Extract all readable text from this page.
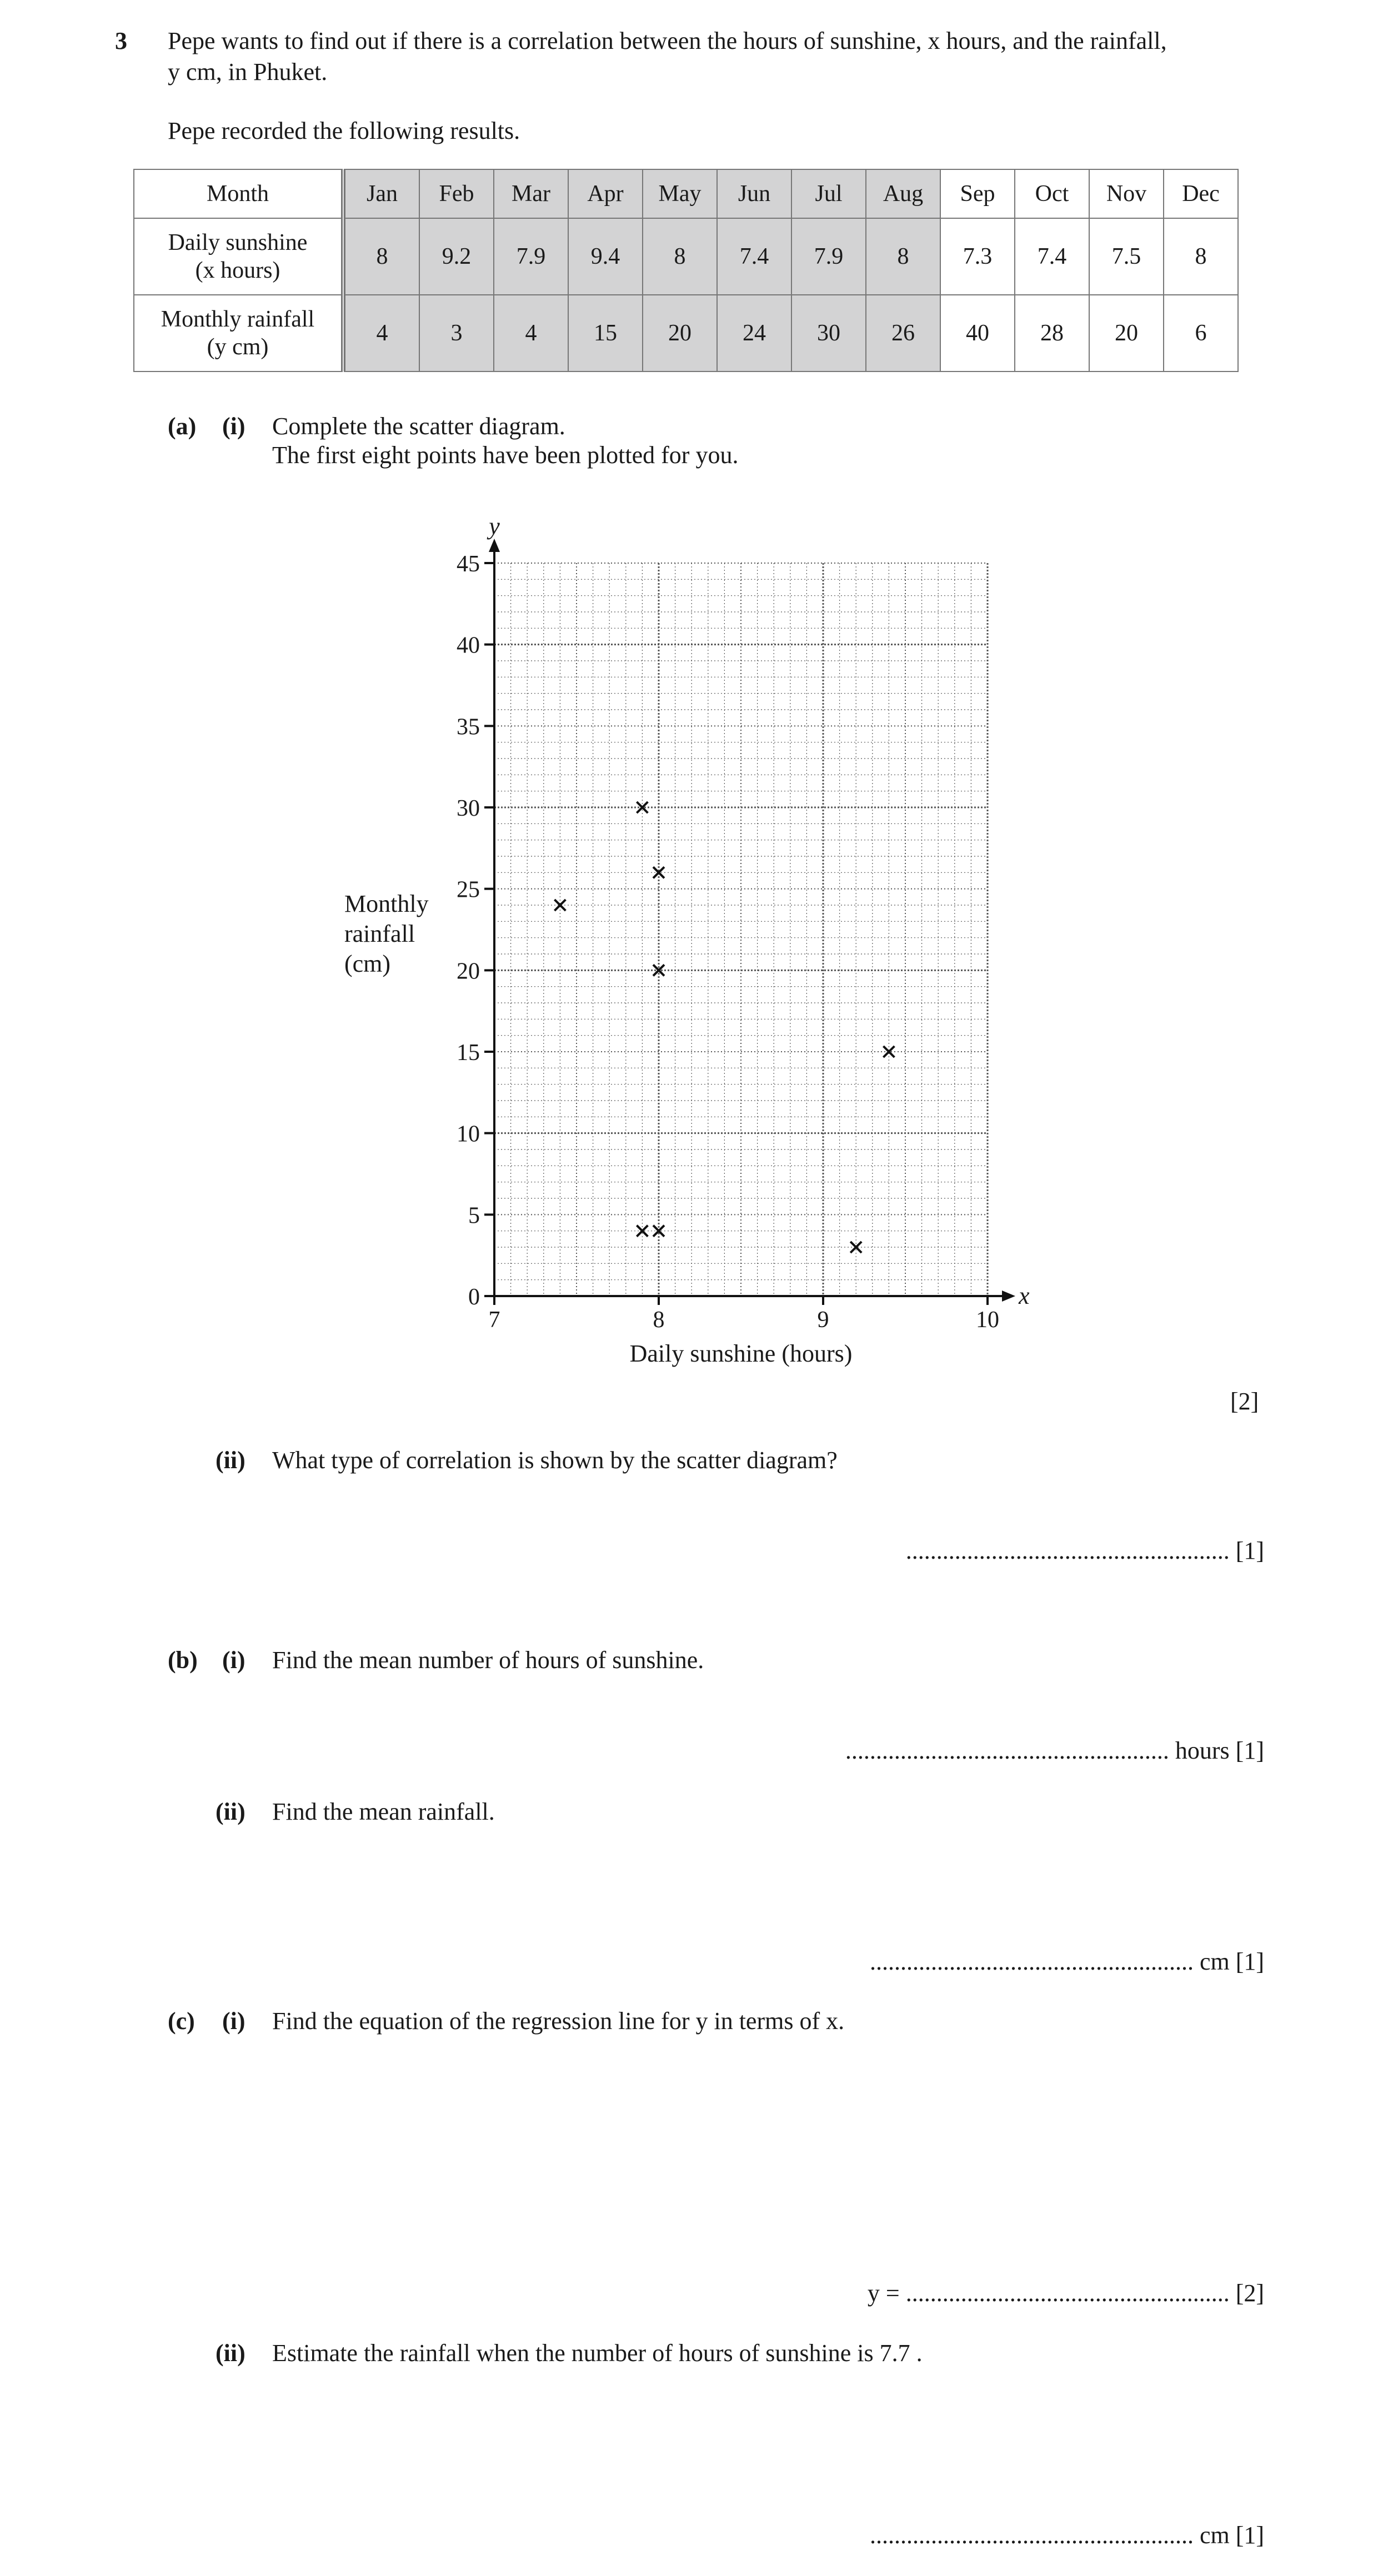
3 Pepe wants to find out if there is a correlation between the hours of sunshine, x hours, and the rainfall,
y cm, in Phuket.
Pepe recorded the following results.
Month	Jan	Feb	Mar	Apr	May	Jun	Jul	Aug	Sep	Oct	Nov	Dec
Daily sunshine
(x hours)	8	9.2	7.9	9.4	8	7.4	7.9	8	7.3	7.4	7.5	8
Monthly rainfall
(y cm)	4	3	4	15	20	24	30	26	40	28	20	6
(a) (i) Complete the scatter diagram.
The first eight points have been plotted for you.
7	8	9	10
0
5
10
15
20
25
30
35
40
45
x
y
Daily sunshine (hours)
Monthly
rainfall
(cm)
[2]
(ii) What type of correlation is shown by the scatter diagram?
..................................................... [1]
(b) (i) Find the mean number of hours of sunshine.
..................................................... hours [1]
(ii) Find the mean rainfall.
..................................................... cm [1]
(c) (i) Find the equation of the regression line for y in terms of x.
y = ..................................................... [2]
(ii) Estimate the rainfall when the number of hours of sunshine is 7.7 .
..................................................... cm [1]
